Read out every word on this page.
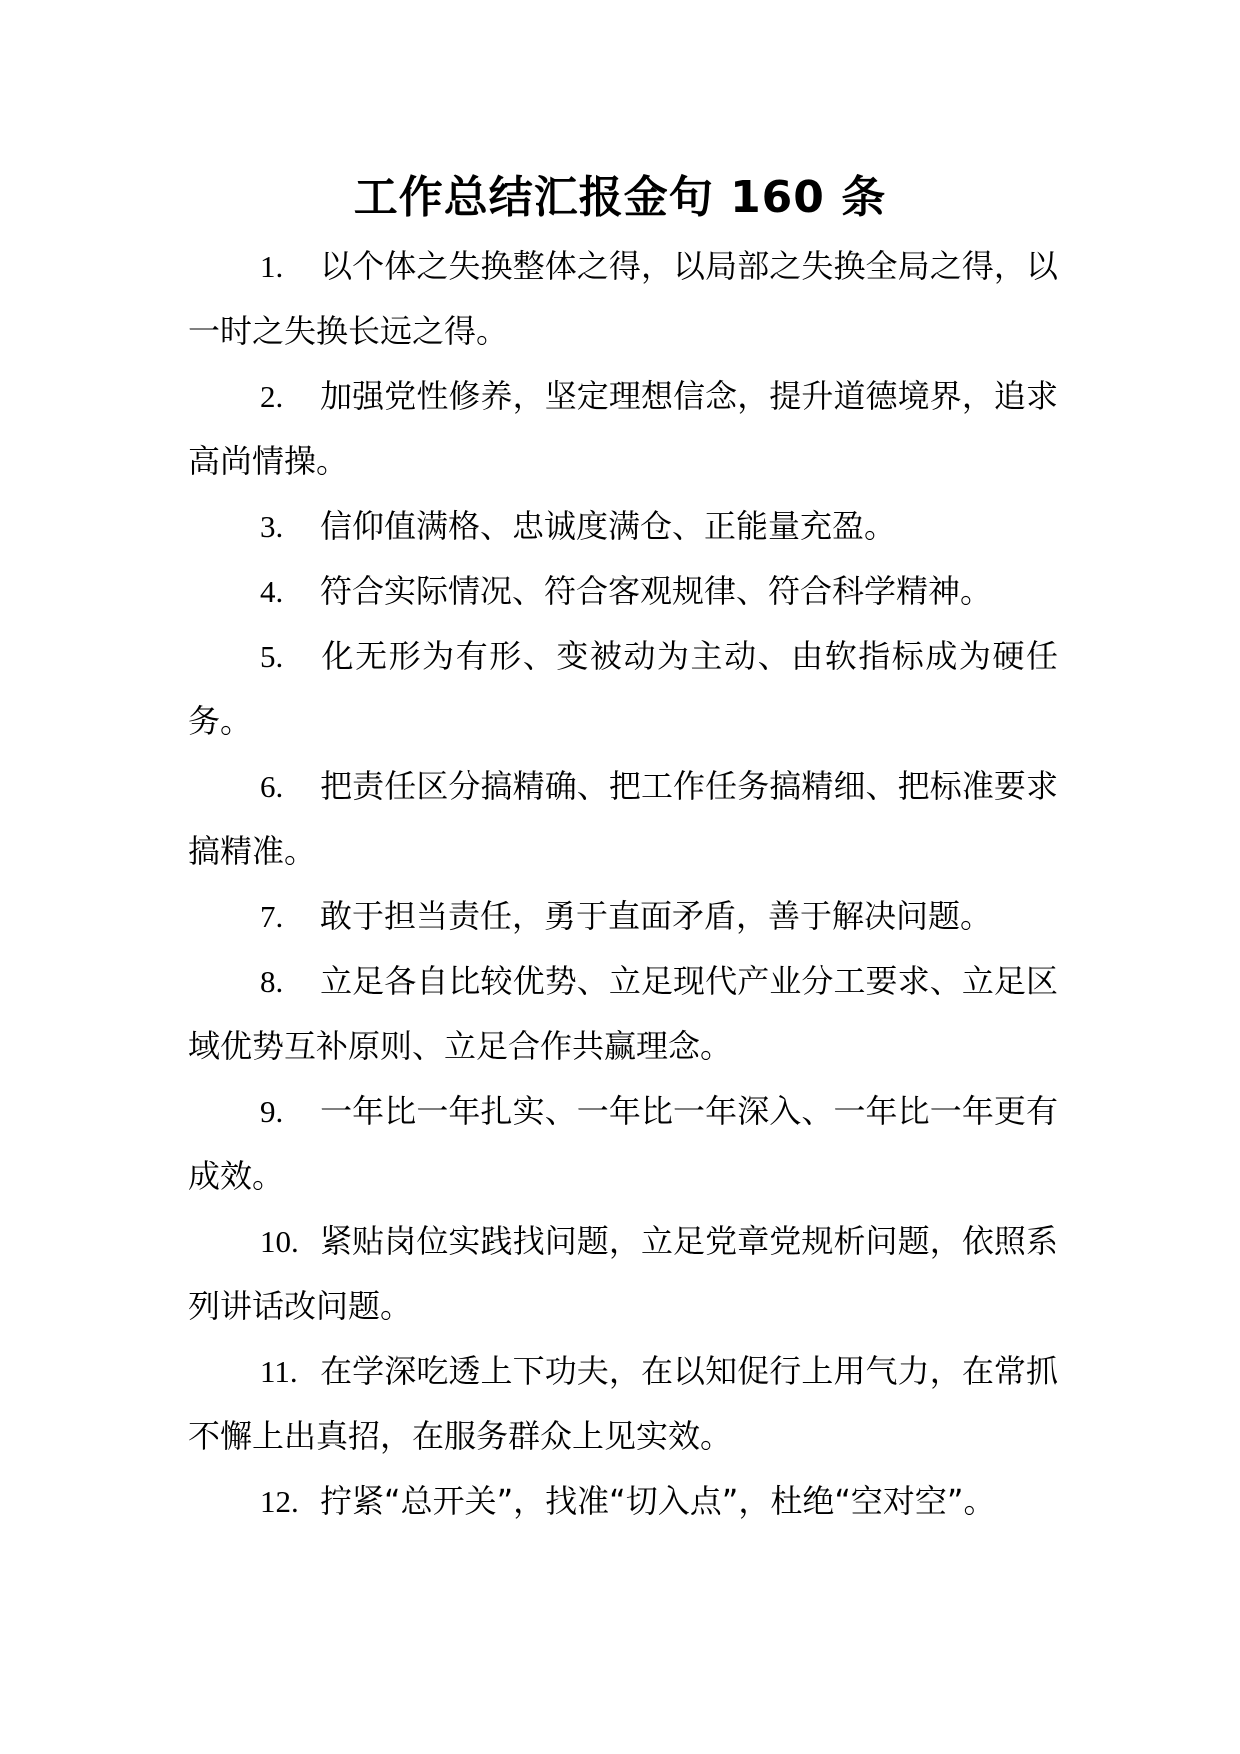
工作总结汇报金句 160 条

1. 以个体之失换整体之得，以局部之失换全局之得，以一时之失换长远之得。

2. 加强党性修养，坚定理想信念，提升道德境界，追求高尚情操。

3. 信仰值满格、忠诚度满仓、正能量充盈。

4. 符合实际情况、符合客观规律、符合科学精神。

5. 化无形为有形、变被动为主动、由软指标成为硬任务。

6. 把责任区分搞精确、把工作任务搞精细、把标准要求搞精准。

7. 敢于担当责任，勇于直面矛盾，善于解决问题。

8. 立足各自比较优势、立足现代产业分工要求、立足区域优势互补原则、立足合作共赢理念。

9. 一年比一年扎实、一年比一年深入、一年比一年更有成效。

10. 紧贴岗位实践找问题，立足党章党规析问题，依照系列讲话改问题。

11. 在学深吃透上下功夫，在以知促行上用气力，在常抓不懈上出真招，在服务群众上见实效。

12. 拧紧“总开关”，找准“切入点”，杜绝“空对空”。
